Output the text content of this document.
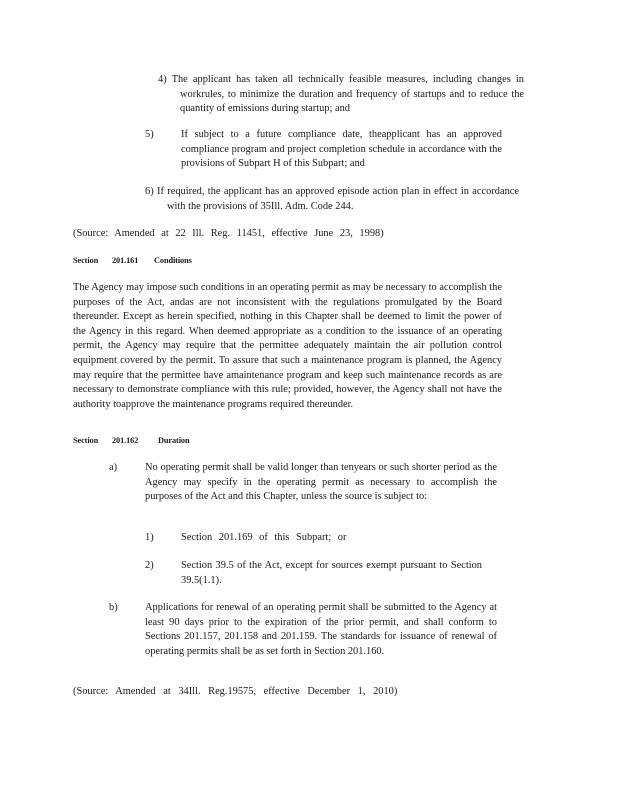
4) The applicant has taken all technically feasible measures, including changes in workrules, to minimize the duration and frequency of startups and to reduce the quantity of emissions during startup; and
5)	If subject to a future compliance date, theapplicant has an approved compliance program and project completion schedule in accordance with the provisions of Subpart H of this Subpart; and
6) If required, the applicant has an approved episode action plan in effect in accordance with the provisions of 35Ill. Adm. Code 244.
(Source: Amended at 22 Ill. Reg. 11451, effective June 23, 1998)
Section 201.161 Conditions
The Agency may impose such conditions in an operating permit as may be necessary to accomplish the purposes of the Act, andas are not inconsistent with the regulations promulgated by the Board thereunder. Except as herein specified, nothing in this Chapter shall be deemed to limit the power of the Agency in this regard. When deemed appropriate as a condition to the issuance of an operating permit, the Agency may require that the permittee adequately maintain the air pollution control equipment covered by the permit. To assure that such a maintenance program is planned, the Agency may require that the permittee have amaintenance program and keep such maintenance records as are necessary to demonstrate compliance with this rule; provided, however, the Agency shall not have the authority toapprove the maintenance programs required thereunder.
Section 201.162 Duration
a)	No operating permit shall be valid longer than tenyears or such shorter period as the Agency may specify in the operating permit as necessary to accomplish the purposes of the Act and this Chapter, unless the source is subject to:
1)	Section 201.169 of this Subpart; or
2)	Section 39.5 of the Act, except for sources exempt pursuant to Section 39.5(1.1).
b)	Applications for renewal of an operating permit shall be submitted to the Agency at least 90 days prior to the expiration of the prior permit, and shall conform to Sections 201.157, 201.158 and 201.159. The standards for issuance of renewal of operating permits shall be as set forth in Section 201.160.
(Source: Amended at 34Ill. Reg.19575, effective December 1, 2010)
